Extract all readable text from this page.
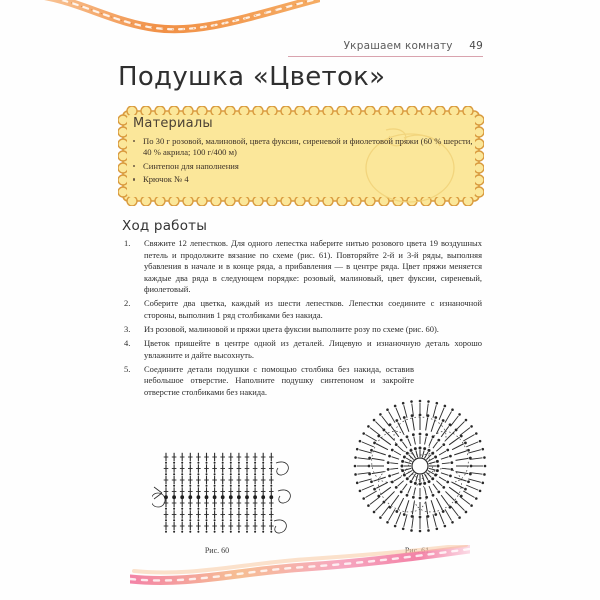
Украшаем комнату 49
Подушка «Цветок»
Материалы
По 30 г розовой, малиновой, цвета фуксин, сиреневой и фиолетовой пряжи (60 % шерсти, 40 % акрила; 100 г/400 м)
Синтепон для наполнения
Крючок № 4
Ход работы
1.	Свяжите 12 лепестков. Для одного лепестка наберите нитью розового цвета 19 воздушных петель и продолжите вязание по схеме (рис. 61). Повторяйте 2-й и 3-й ряды, выполняя убавления в начале и в конце ряда, а прибавления — в центре ряда. Цвет пряжи меняется каждые два ряда в следующем порядке: розовый, малиновый, цвет фуксии, сиреневый, фиолетовый.
2.	Соберите два цветка, каждый из шести лепестков. Лепестки соедините с изнаночной стороны, выполнив 1 ряд столбиками без накида.
3.	Из розовой, малиновой и пряжи цвета фуксии выполните розу по схеме (рис. 60).
4.	Цветок пришейте в центре одной из деталей. Лицевую и изнаночную деталь хорошо увлажните и дайте высохнуть.
5.	Соедините детали подушки с помощью столбика без накида, оставив небольшое отверстие. Наполните подушку синтепоном и закройте отверстие столбиками без накида.
Рис. 60	Рис. 61
